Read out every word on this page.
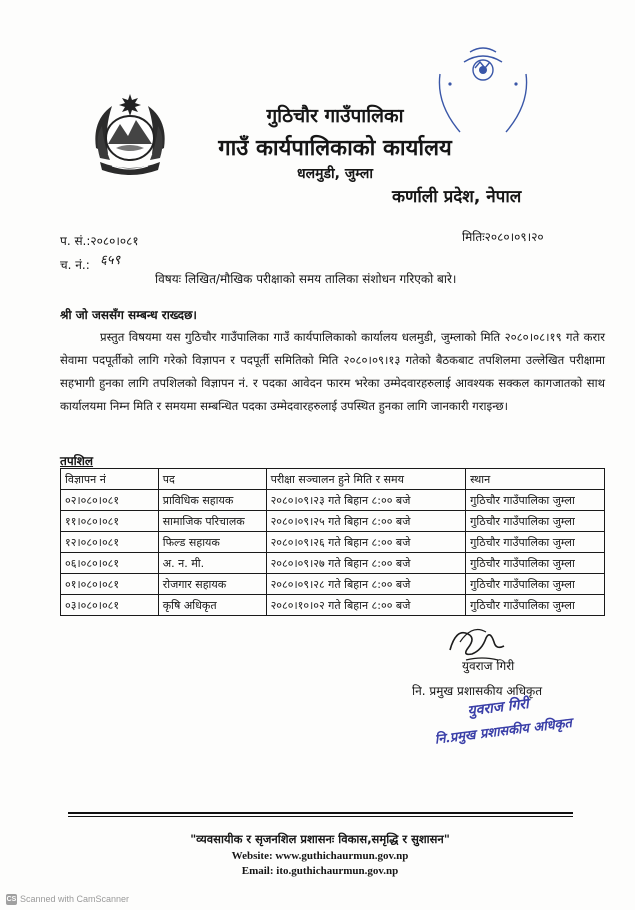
गुठिचौर गाउँपालिका
गाउँ कार्यपालिकाको कार्यालय
धलमुडी, जुम्ला
कर्णाली प्रदेश, नेपाल
प. सं.:२०८०।०८१
च. नं.: ६५९
मितिः२०८०।०९।२०
विषयः लिखित/मौखिक परीक्षाको समय तालिका संशोधन गरिएको बारे।
श्री जो जससँग सम्बन्ध राख्दछ।

प्रस्तुत विषयमा यस गुठिचौर गाउँपालिका गाउँ कार्यपालिकाको कार्यालय धलमुडी, जुम्लाको मिति २०८०।०८।१९ गते करार सेवामा पदपूर्तीको लागि गरेको विज्ञापन र पदपूर्ती समितिको मिति २०८०।०९।१३ गतेको बैठकबाट तपशिलमा उल्लेखित परीक्षामा सहभागी हुनका लागि तपशिलको विज्ञापन नं. र पदका आवेदन फारम भरेका उम्मेदवारहरुलाई आवश्यक सक्कल कागजातको साथ कार्यालयमा निम्न मिति र समयमा सम्बन्धित पदका उम्मेदवारहरुलाई उपस्थित हुनका लागि जानकारी गराइन्छ।

तपशिल
विज्ञापन नं	पद	परीक्षा सञ्चालन हुने मिति र समय	स्थान
०२।०८०।०८१	प्राविधिक सहायक	२०८०।०९।२३ गते बिहान ८:०० बजे	गुठिचौर गाउँपालिका जुम्ला
११।०८०।०८१	सामाजिक परिचालक	२०८०।०९।२५ गते बिहान ८:०० बजे	गुठिचौर गाउँपालिका जुम्ला
१२।०८०।०८१	फिल्ड सहायक	२०८०।०९।२६ गते बिहान ८:०० बजे	गुठिचौर गाउँपालिका जुम्ला
०६।०८०।०८१	अ. न. मी.	२०८०।०९।२७ गते बिहान ८:०० बजे	गुठिचौर गाउँपालिका जुम्ला
०१।०८०।०८१	रोजगार सहायक	२०८०।०९।२८ गते बिहान ८:०० बजे	गुठिचौर गाउँपालिका जुम्ला
०३।०८०।०८१	कृषि अधिकृत	२०८०।१०।०२ गते बिहान ८:०० बजे	गुठिचौर गाउँपालिका जुम्ला
युवराज गिरी
नि. प्रमुख प्रशासकीय अधिकृत
युवराज गिरी
नि.प्रमुख प्रशासकीय अधिकृत
"व्यवसायीक र सृजनशिल प्रशासनः विकास,समृद्धि र सुशासन"
Website: www.guthichaurmun.gov.np
Email: ito.guthichaurmun.gov.np
CS Scanned with CamScanner
